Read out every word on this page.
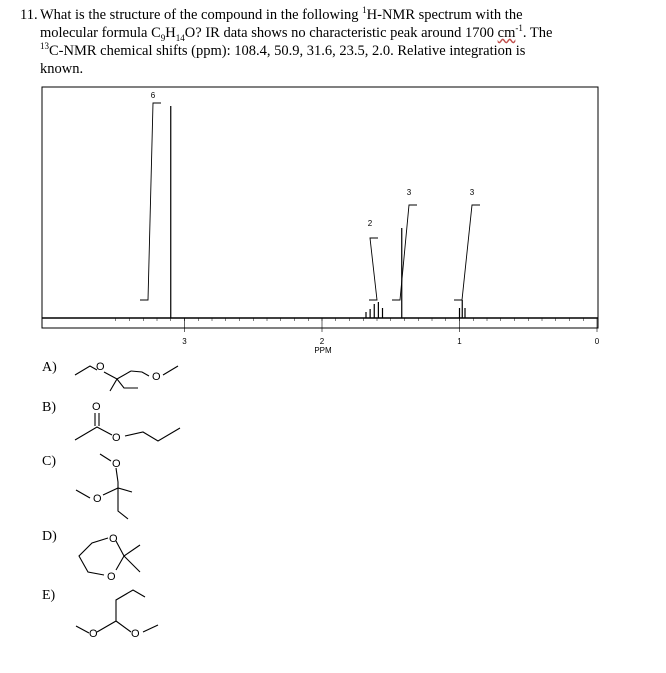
11. What is the structure of the compound in the following $^1$H-NMR spectrum with the
molecular formula $C_9H_{14}O$? IR data shows no characteristic peak around 1700 $cm^{-1}$. The
$^{13}$C-NMR chemical shifts (ppm): 108.4, 50.9, 31.6, 23.5, 2.0. Relative integration is
known.
6
2
3	3
3	2	1	0
PPM
A)
B)
C)
D)
E)
O
O
O
O
O
O
O
O
O	O
